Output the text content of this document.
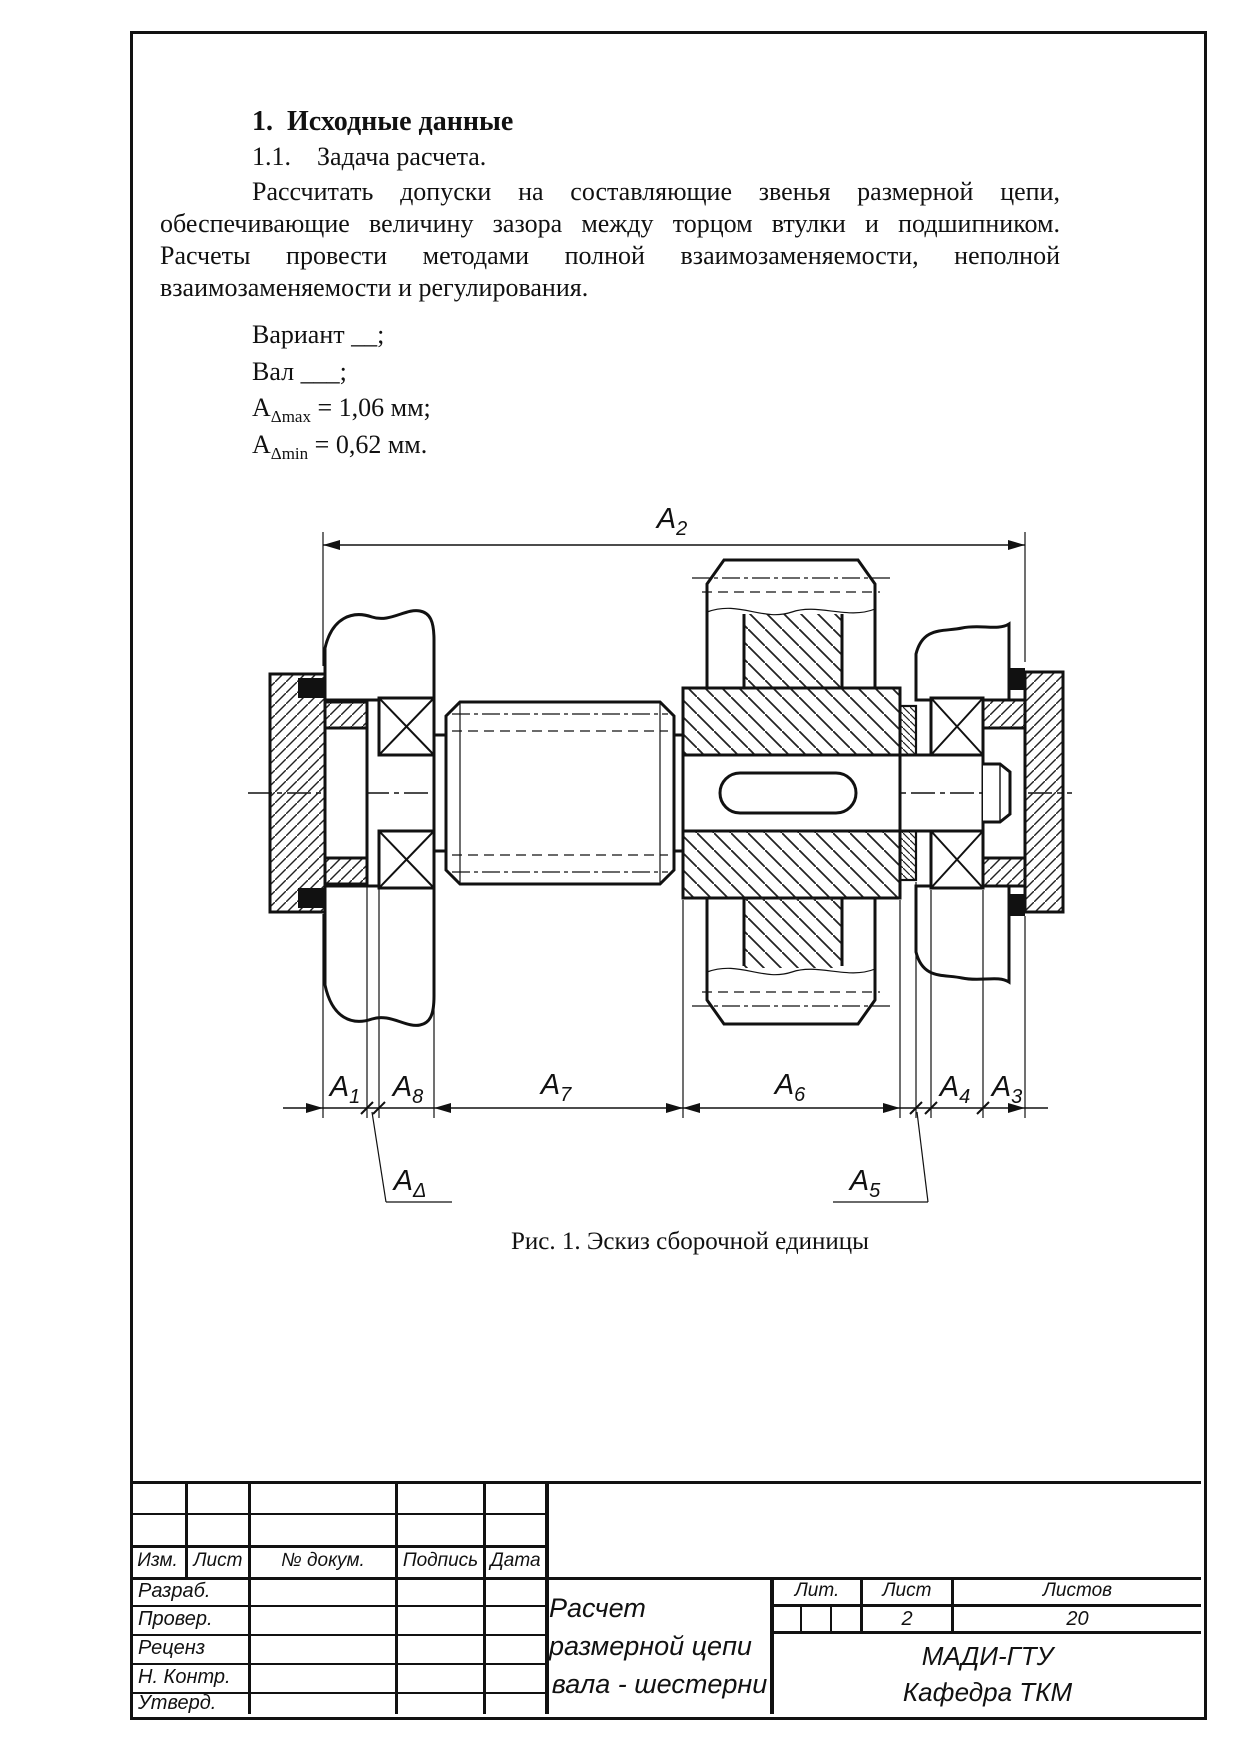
1.  Исходные данные
1.1.    Задача расчета.
Рассчитать допуски на составляющие звенья размерной цепи,
обеспечивающие величину зазора между торцом втулки и подшипником.
Расчеты провести методами полной взаимозаменяемости, неполной
взаимозаменяемости и регулирования.
Вариант __;
Вал ___;
$А_{\Delta max} = 1,06$ мм;
$А_{\Delta min} = 0,62$ мм.
$A_2$
$A_1$ $A_8$	$A_7$	$A_6$	$A_4$ $A_3$
$A_\Delta$	$A_5$
Рис. 1. Эскиз сборочной единицы
Изм. Лист	№ докум.	Подпись Дата
Разраб.
Провер.
Реценз
Н. Контр.
Утверд.
Расчет размерной цепи
вала - шестерни
Лит.	Лист	Листов
2	20
МАДИ-ГТУ
Кафедра ТКМ
